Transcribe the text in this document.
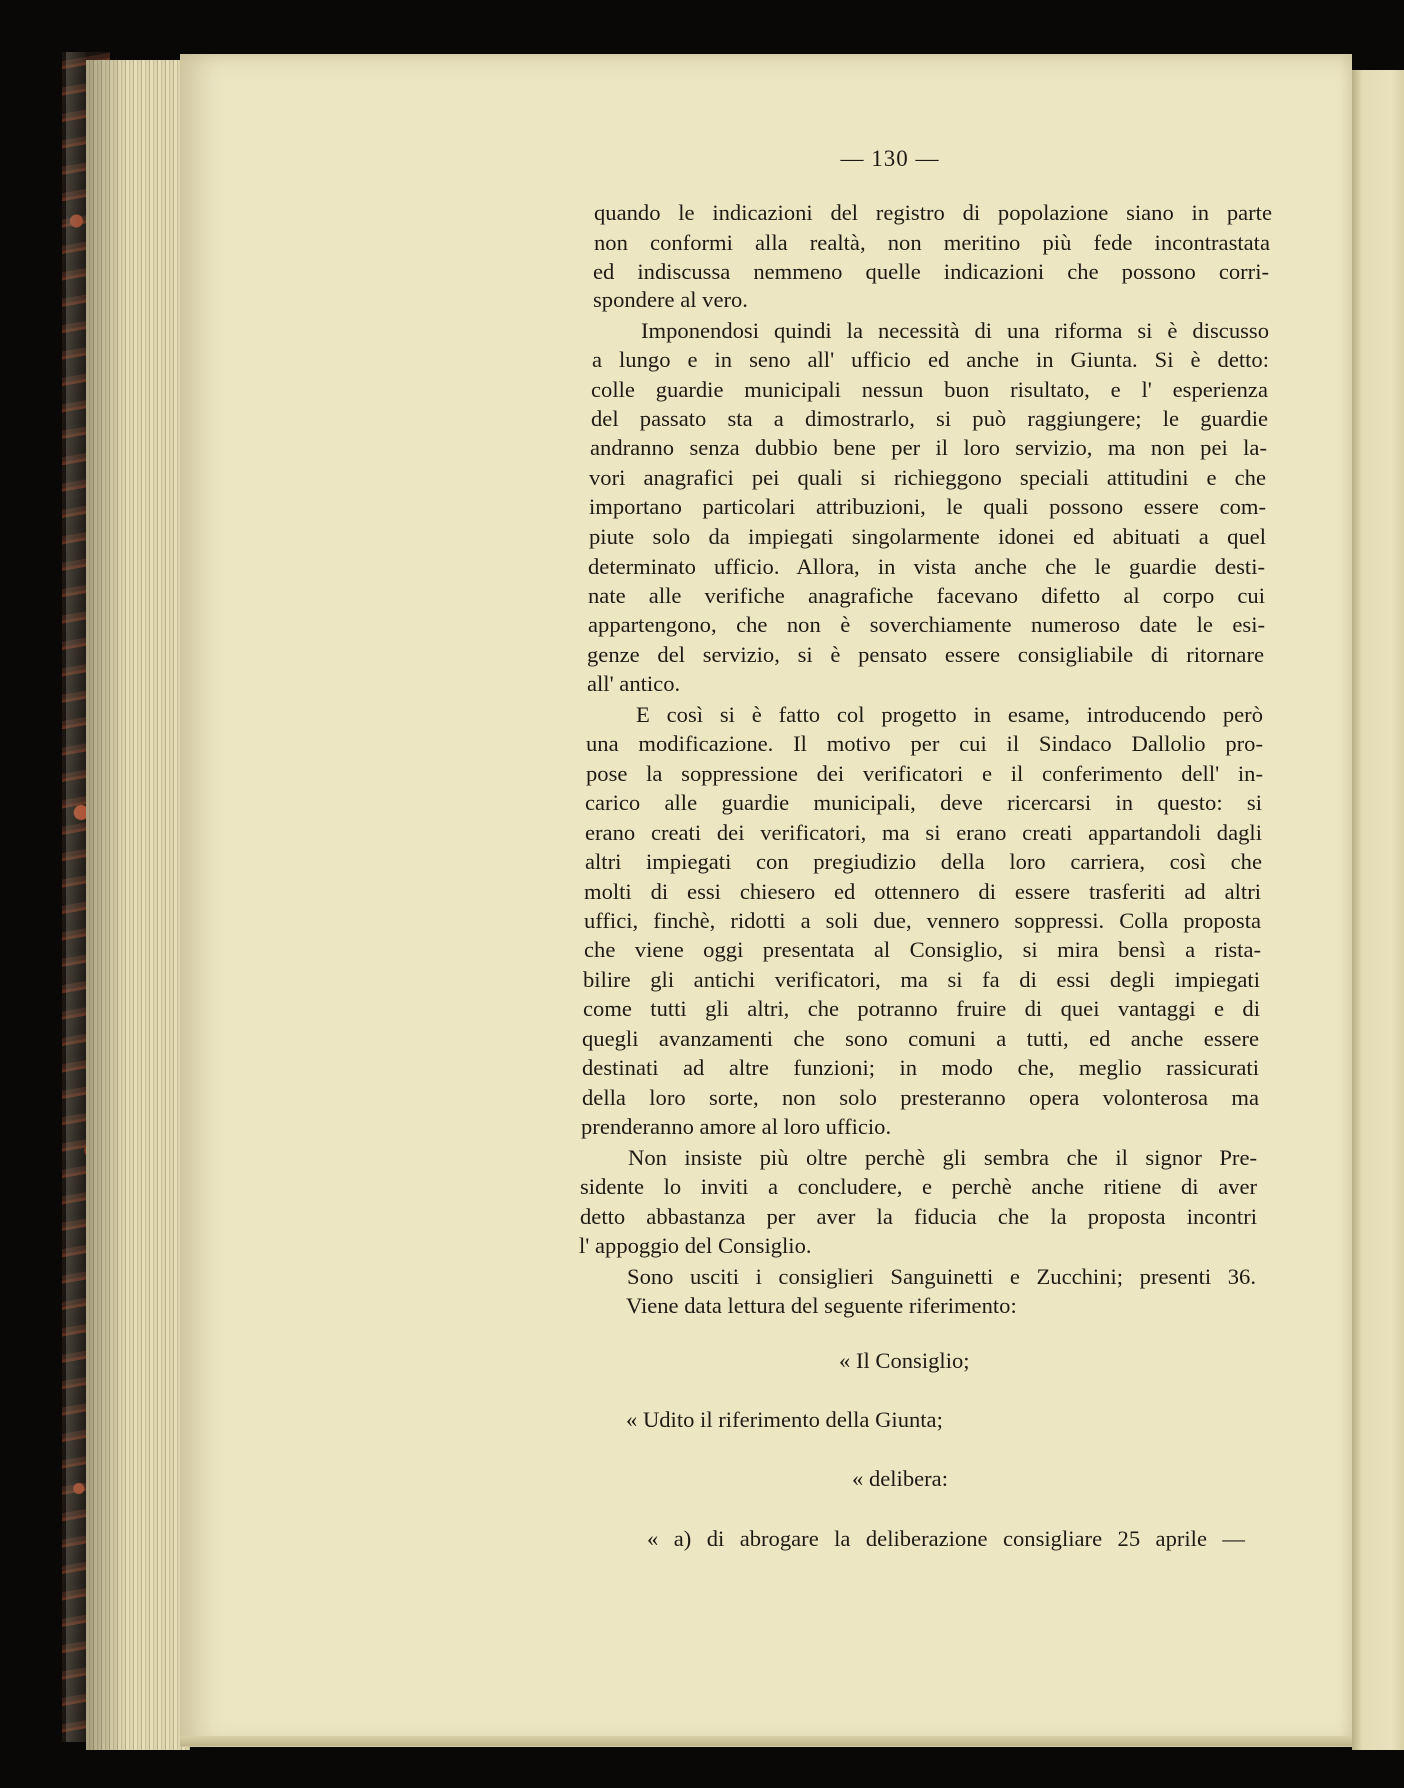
— 130 —
quando le indicazioni del registro di popolazione siano in parte
non conformi alla realtà, non meritino più fede incontrastata
ed indiscussa nemmeno quelle indicazioni che possono corri-
spondere al vero.
Imponendosi quindi la necessità di una riforma si è discusso
a lungo e in seno all' ufficio ed anche in Giunta. Si è detto:
colle guardie municipali nessun buon risultato, e l' esperienza
del passato sta a dimostrarlo, si può raggiungere; le guardie
andranno senza dubbio bene per il loro servizio, ma non pei la-
vori anagrafici pei quali si richieggono speciali attitudini e che
importano particolari attribuzioni, le quali possono essere com-
piute solo da impiegati singolarmente idonei ed abituati a quel
determinato ufficio. Allora, in vista anche che le guardie desti-
nate alle verifiche anagrafiche facevano difetto al corpo cui
appartengono, che non è soverchiamente numeroso date le esi-
genze del servizio, si è pensato essere consigliabile di ritornare
all' antico.
E così si è fatto col progetto in esame, introducendo però
una modificazione. Il motivo per cui il Sindaco Dallolio pro-
pose la soppressione dei verificatori e il conferimento dell' in-
carico alle guardie municipali, deve ricercarsi in questo: si
erano creati dei verificatori, ma si erano creati appartandoli dagli
altri impiegati con pregiudizio della loro carriera, così che
molti di essi chiesero ed ottennero di essere trasferiti ad altri
uffici, finchè, ridotti a soli due, vennero soppressi. Colla proposta
che viene oggi presentata al Consiglio, si mira bensì a rista-
bilire gli antichi verificatori, ma si fa di essi degli impiegati
come tutti gli altri, che potranno fruire di quei vantaggi e di
quegli avanzamenti che sono comuni a tutti, ed anche essere
destinati ad altre funzioni; in modo che, meglio rassicurati
della loro sorte, non solo presteranno opera volonterosa ma
prenderanno amore al loro ufficio.
Non insiste più oltre perchè gli sembra che il signor Pre-
sidente lo inviti a concludere, e perchè anche ritiene di aver
detto abbastanza per aver la fiducia che la proposta incontri
l' appoggio del Consiglio.
Sono usciti i consiglieri Sanguinetti e Zucchini; presenti 36.
Viene data lettura del seguente riferimento:
« Il Consiglio;
« Udito il riferimento della Giunta;
« delibera:
« a) di abrogare la deliberazione consigliare 25 aprile —
